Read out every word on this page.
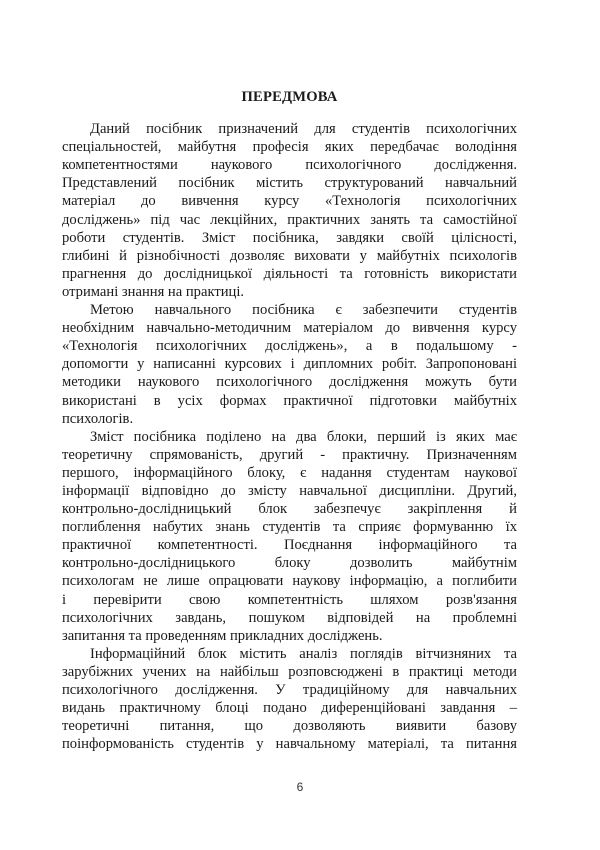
ПЕРЕДМОВА
Даний посібник призначений для студентів психологічних
спеціальностей, майбутня професія яких передбачає володіння
компетентностями наукового психологічного дослідження.
Представлений посібник містить структурований навчальний
матеріал до вивчення курсу «Технологія психологічних
досліджень» під час лекційних, практичних занять та самостійної
роботи студентів. Зміст посібника, завдяки своїй цілісності,
глибині й різнобічності дозволяє виховати у майбутніх психологів
прагнення до дослідницької діяльності та готовність використати
отримані знання на практиці.
Метою навчального посібника є забезпечити студентів
необхідним навчально-методичним матеріалом до вивчення курсу
«Технологія психологічних досліджень», а в подальшому -
допомогти у написанні курсових і дипломних робіт. Запропоновані
методики наукового психологічного дослідження можуть бути
використані в усіх формах практичної підготовки майбутніх
психологів.
Зміст посібника поділено на два блоки, перший із яких має
теоретичну спрямованість, другий - практичну. Призначенням
першого, інформаційного блоку, є надання студентам наукової
інформації відповідно до змісту навчальної дисципліни. Другий,
контрольно-дослідницький блок забезпечує закріплення й
поглиблення набутих знань студентів та сприяє формуванню їх
практичної компетентності. Поєднання інформаційного та
контрольно-дослідницького блоку дозволить майбутнім
психологам не лише опрацювати наукову інформацію, а поглибити
і перевірити свою компетентність шляхом розв'язання
психологічних завдань, пошуком відповідей на проблемні
запитання та проведенням прикладних досліджень.
Інформаційний блок містить аналіз поглядів вітчизняних та
зарубіжних учених на найбільш розповсюджені в практиці методи
психологічного дослідження. У традиційному для навчальних
видань практичному блоці подано диференційовані завдання –
теоретичні питання, що дозволяють виявити базову
поінформованість студентів у навчальному матеріалі, та питання
6
